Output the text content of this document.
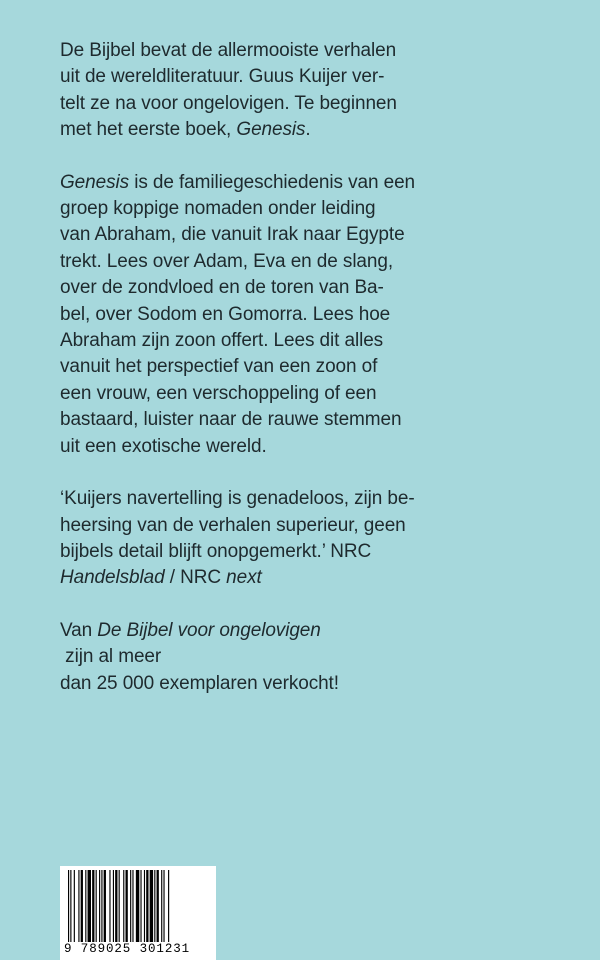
De Bijbel bevat de allermooiste verhalen
uit de wereldliteratuur. Guus Kuijer ver-
telt ze na voor ongelovigen. Te beginnen
met het eerste boek, Genesis.

Genesis is de familiegeschiedenis van een
groep koppige nomaden onder leiding
van Abraham, die vanuit Irak naar Egypte
trekt. Lees over Adam, Eva en de slang,
over de zondvloed en de toren van Ba-
bel, over Sodom en Gomorra. Lees hoe
Abraham zijn zoon offert. Lees dit alles
vanuit het perspectief van een zoon of
een vrouw, een verschoppeling of een
bastaard, luister naar de rauwe stemmen
uit een exotische wereld.

‘Kuijers navertelling is genadeloos, zijn be-
heersing van de verhalen superieur, geen
bijbels detail blijft onopgemerkt.’ NRC
Handelsblad / NRC next

Van De Bijbel voor ongelovigen zijn al meer
dan 25 000 exemplaren verkocht!

9 789025 301231
